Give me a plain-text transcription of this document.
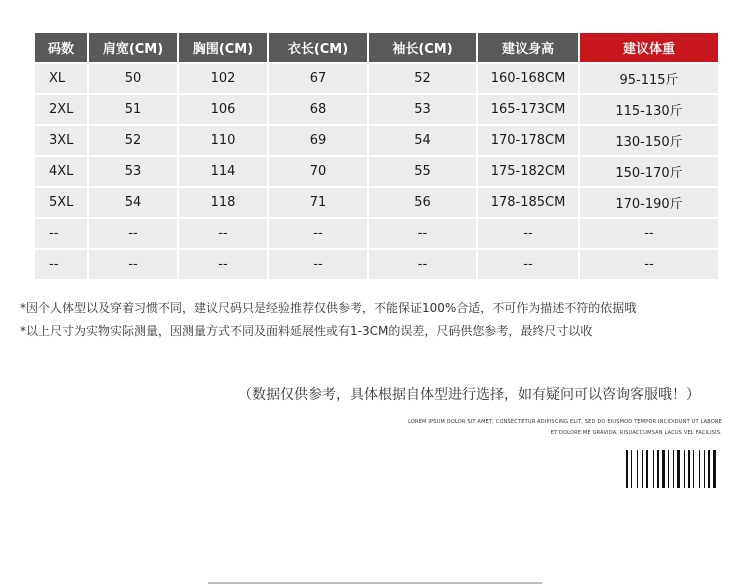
码数	肩宽(CM)	胸围(CM)	衣长(CM)	袖长(CM)	建议身高	建议体重
XL	50	102	67	52	160-168CM	95-115斤
2XL	51	106	68	53	165-173CM	115-130斤
3XL	52	110	69	54	170-178CM	130-150斤
4XL	53	114	70	55	175-182CM	150-170斤
5XL	54	118	71	56	178-185CM	170-190斤
--	--	--	--	--	--	--
--	--	--	--	--	--	--
*因个人体型以及穿着习惯不同，建议尺码只是经验推荐仅供参考，不能保证100%合适，不可作为描述不符的依据哦
*以上尺寸为实物实际测量，因测量方式不同及面料延展性或有1-3CM的误差，尺码供您参考，最终尺寸以收
（数据仅供参考，具体根据自体型进行选择，如有疑问可以咨询客服哦！）
LOREM IPSUM DOLOR SIT AMET, CONSECTETUR ADIPISCING ELIT, SED DO EIUSMOD TEMPOR INCIDIDUNT UT LABORE
ET DOLORE ME GRAVIDA. RISUACCUMSAN LACUS VEL FACILISIS.
